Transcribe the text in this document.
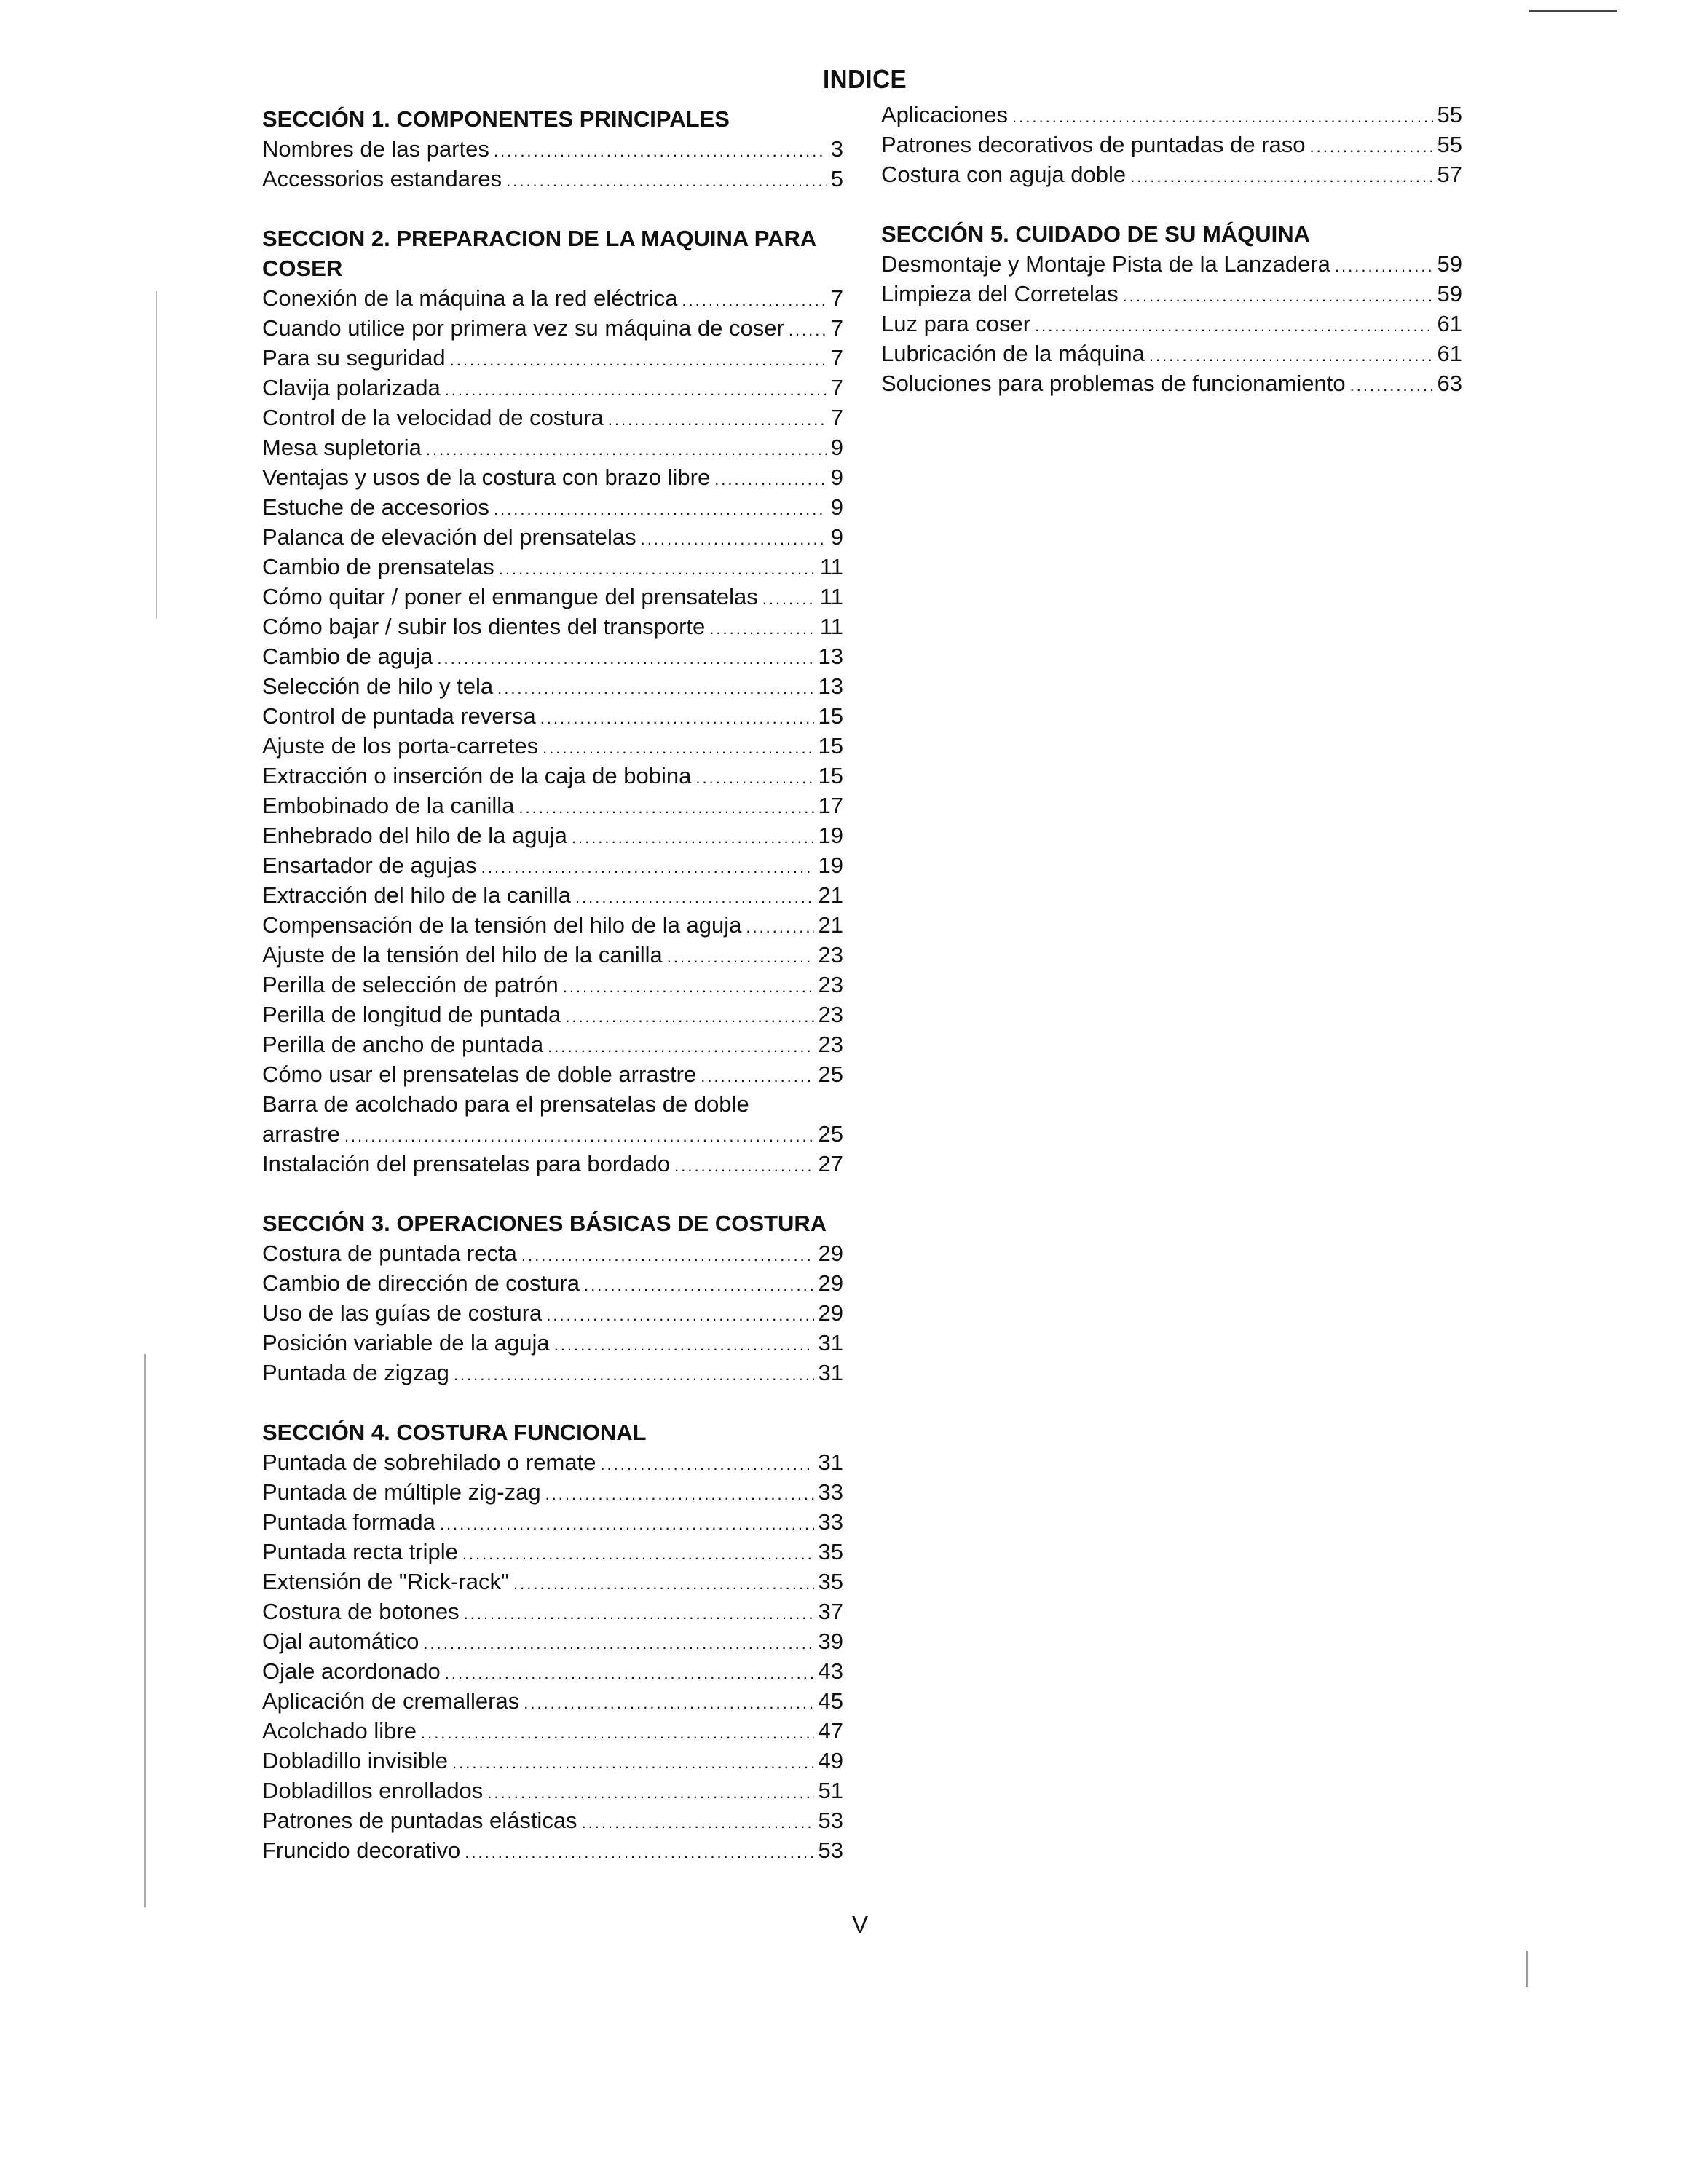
INDICE
SECCIÓN 1. COMPONENTES PRINCIPALES
Nombres de las partes .....	3
Accessorios estandares .....	5
SECCION 2. PREPARACION DE LA MAQUINA PARA COSER
Conexión de la máquina a la red eléctrica .....	7
Cuando utilice por primera vez su máquina de coser ..... 7
Para su seguridad .....	7
Clavija polarizada .....	7
Control de la velocidad de costura .....	7
Mesa supletoria .....	9
Ventajas y usos de la costura con brazo libre .....	9
Estuche de accesorios .....	9
Palanca de elevación del prensatelas .....	9
Cambio de prensatelas .....	11
Cómo quitar / poner el enmangue del prensatelas .....	11
Cómo bajar / subir los dientes del transporte .....	11
Cambio de aguja .....	13
Selección de hilo y tela .....	13
Control de puntada reversa .....	15
Ajuste de los porta-carretes .....	15
Extracción o inserción de la caja de bobina .....	15
Embobinado de la canilla .....	17
Enhebrado del hilo de la aguja .....	19
Ensartador de agujas .....	19
Extracción del hilo de la canilla .....	21
Compensación de la tensión del hilo de la aguja .....	21
Ajuste de la tensión del hilo de la canilla .....	23
Perilla de selección de patrón .....	23
Perilla de longitud de puntada .....	23
Perilla de ancho de puntada .....	23
Cómo usar el prensatelas de doble arrastre .....	25
Barra de acolchado para el prensatelas de doble
arrastre .....	25
Instalación del prensatelas para bordado .....	27
SECCIÓN 3. OPERACIONES BÁSICAS DE COSTURA
Costura de puntada recta .....	29
Cambio de dirección de costura .....	29
Uso de las guías de costura .....	29
Posición variable de la aguja .....	31
Puntada de zigzag .....	31
SECCIÓN 4. COSTURA FUNCIONAL
Puntada de sobrehilado o remate .....	31
Puntada de múltiple zig-zag .....	33
Puntada formada .....	33
Puntada recta triple .....	35
Extensión de "Rick-rack" .....	35
Costura de botones .....	37
Ojal automático .....	39
Ojale acordonado .....	43
Aplicación de cremalleras .....	45
Acolchado libre .....	47
Dobladillo invisible .....	49
Dobladillos enrollados .....	51
Patrones de puntadas elásticas .....	53
Fruncido decorativo .....	53
Aplicaciones .....	55
Patrones decorativos de puntadas de raso .....	55
Costura con aguja doble .....	57
SECCIÓN 5. CUIDADO DE SU MÁQUINA
Desmontaje y Montaje Pista de la Lanzadera .....	59
Limpieza del Corretelas .....	59
Luz para coser .....	61
Lubricación de la máquina .....	61
Soluciones para problemas de funcionamiento .....	63
V
